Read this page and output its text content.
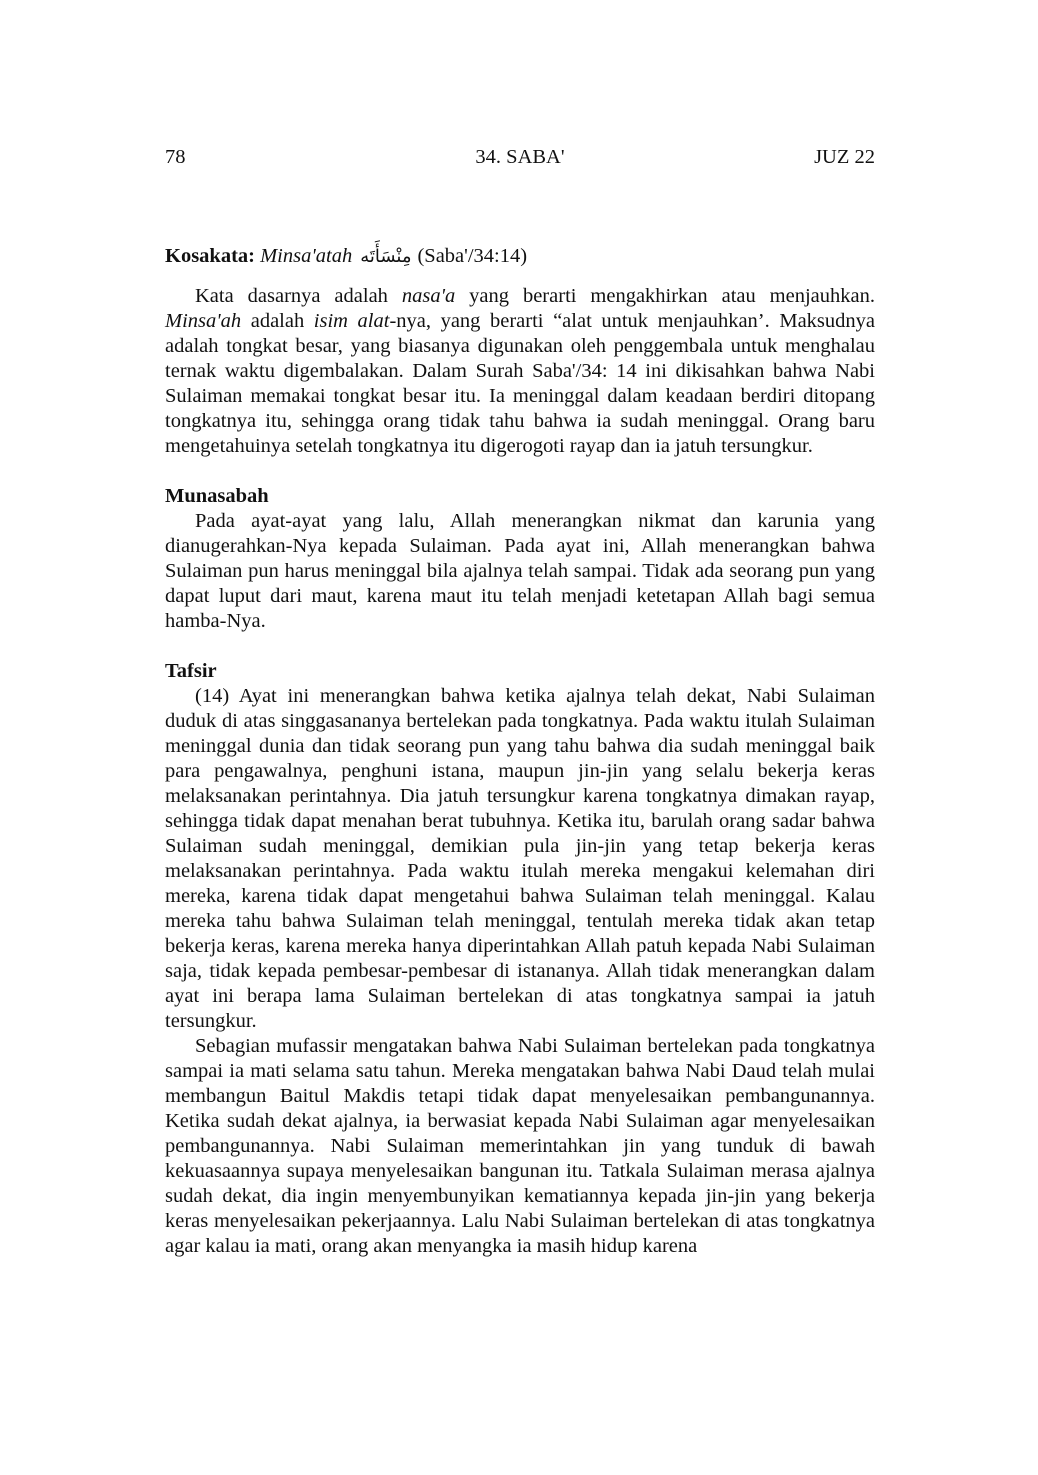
78	34. SABA'	JUZ 22
Kosakata: Minsa'atah مِنْسَأَتَه (Saba'/34:14)

Kata dasarnya adalah nasa'a yang berarti mengakhirkan atau menjauhkan. Minsa'ah adalah isim alat-nya, yang berarti “alat untuk menjauhkan’. Maksudnya adalah tongkat besar, yang biasanya digunakan oleh penggembala untuk menghalau ternak waktu digembalakan. Dalam Surah Saba'/34: 14 ini dikisahkan bahwa Nabi Sulaiman memakai tongkat besar itu. Ia meninggal dalam keadaan berdiri ditopang tongkatnya itu, sehingga orang tidak tahu bahwa ia sudah meninggal. Orang baru mengetahuinya setelah tongkatnya itu digerogoti rayap dan ia jatuh tersungkur.

Munasabah

Pada ayat-ayat yang lalu, Allah menerangkan nikmat dan karunia yang dianugerahkan-Nya kepada Sulaiman. Pada ayat ini, Allah menerangkan bahwa Sulaiman pun harus meninggal bila ajalnya telah sampai. Tidak ada seorang pun yang dapat luput dari maut, karena maut itu telah menjadi ketetapan Allah bagi semua hamba-Nya.

Tafsir

(14) Ayat ini menerangkan bahwa ketika ajalnya telah dekat, Nabi Sulaiman duduk di atas singgasananya bertelekan pada tongkatnya. Pada waktu itulah Sulaiman meninggal dunia dan tidak seorang pun yang tahu bahwa dia sudah meninggal baik para pengawalnya, penghuni istana, maupun jin-jin yang selalu bekerja keras melaksanakan perintahnya. Dia jatuh tersungkur karena tongkatnya dimakan rayap, sehingga tidak dapat menahan berat tubuhnya. Ketika itu, barulah orang sadar bahwa Sulaiman sudah meninggal, demikian pula jin-jin yang tetap bekerja keras melaksanakan perintahnya. Pada waktu itulah mereka mengakui kelemahan diri mereka, karena tidak dapat mengetahui bahwa Sulaiman telah meninggal. Kalau mereka tahu bahwa Sulaiman telah meninggal, tentulah mereka tidak akan tetap bekerja keras, karena mereka hanya diperintahkan Allah patuh kepada Nabi Sulaiman saja, tidak kepada pembesar-pembesar di istananya. Allah tidak menerangkan dalam ayat ini berapa lama Sulaiman bertelekan di atas tongkatnya sampai ia jatuh tersungkur.

Sebagian mufassir mengatakan bahwa Nabi Sulaiman bertelekan pada tongkatnya sampai ia mati selama satu tahun. Mereka mengatakan bahwa Nabi Daud telah mulai membangun Baitul Makdis tetapi tidak dapat menyelesaikan pembangunannya. Ketika sudah dekat ajalnya, ia berwasiat kepada Nabi Sulaiman agar menyelesaikan pembangunannya. Nabi Sulaiman memerintahkan jin yang tunduk di bawah kekuasaannya supaya menyelesaikan bangunan itu. Tatkala Sulaiman merasa ajalnya sudah dekat, dia ingin menyembunyikan kematiannya kepada jin-jin yang bekerja keras menyelesaikan pekerjaannya. Lalu Nabi Sulaiman bertelekan di atas tongkatnya agar kalau ia mati, orang akan menyangka ia masih hidup karena
